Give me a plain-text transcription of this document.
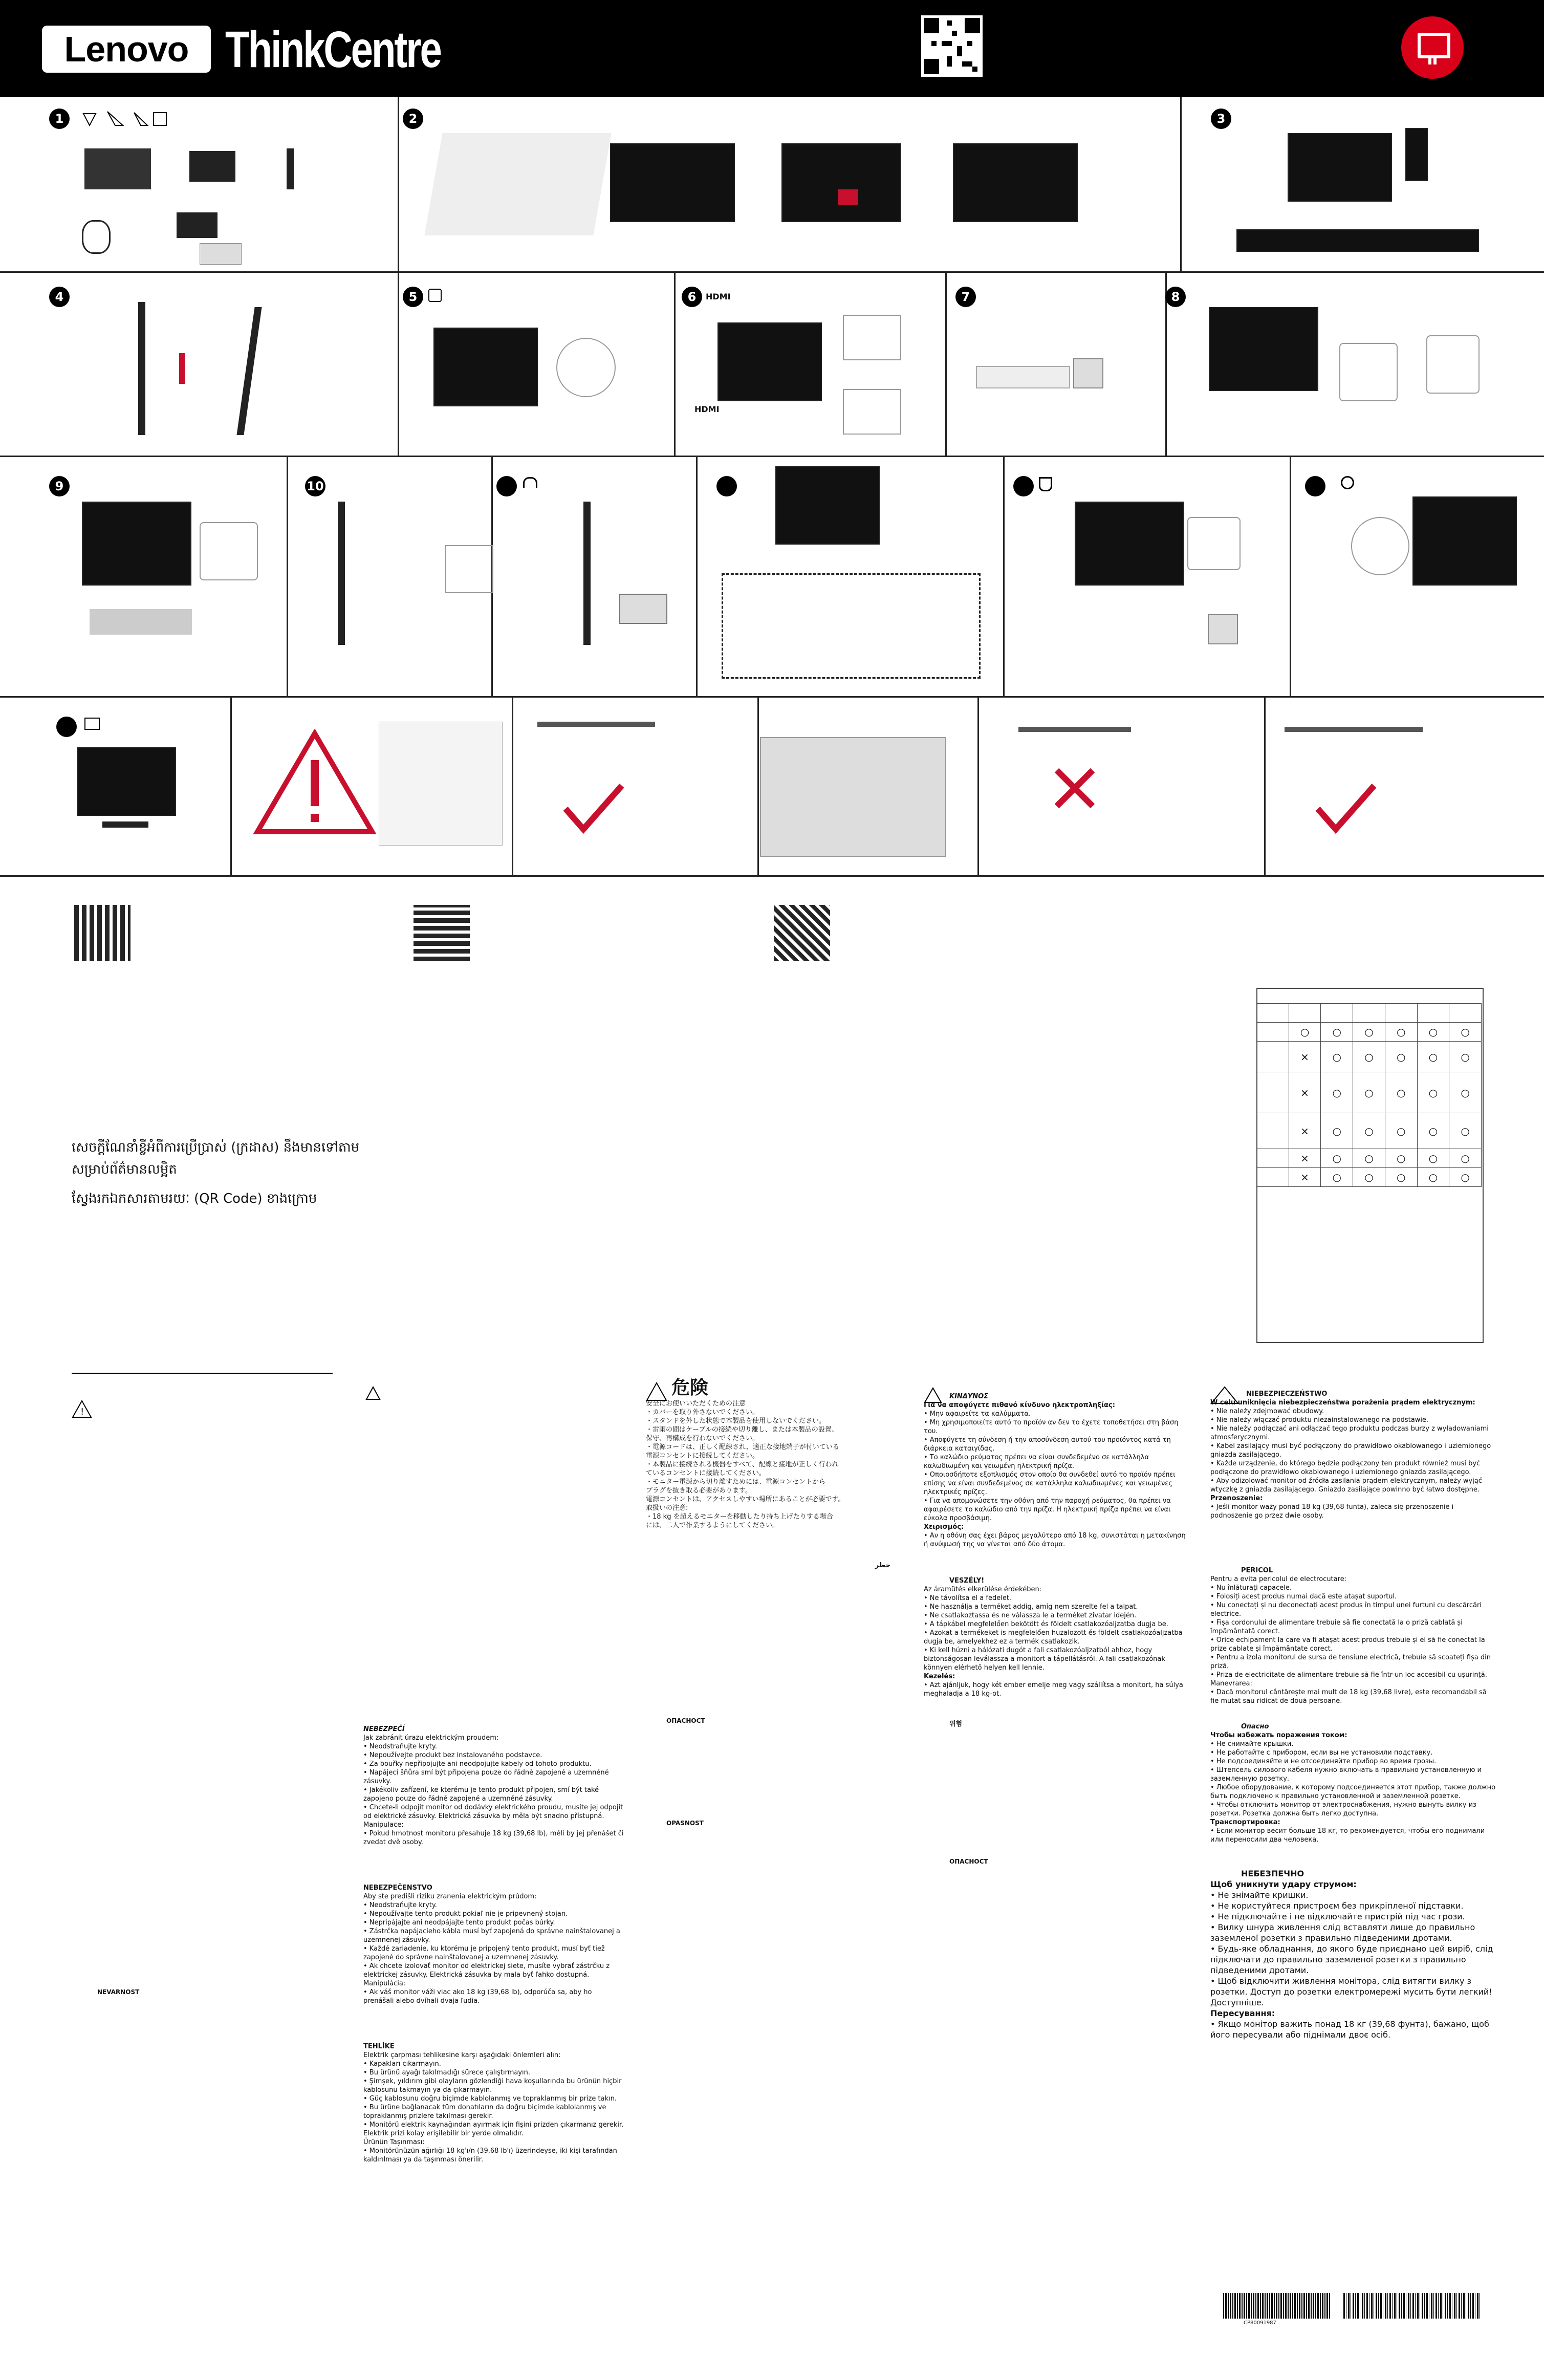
Lenovo ThinkCentre
1	2	3
4	5	6	HDMI
HDMI
7	8
9	10
សេចក្តីណែនាំខ្លីអំពីការប្រើប្រាស់ (ក្រដាស) នឹងមានទៅតាម
សម្រាប់ព័ត៌មានលម្អិត
ស្វែងរកឯកសារតាមរយៈ (QR Code) ខាងក្រោម

	○	○	○	○	○	○
	×	○	○	○	○	○
	×	○	○	○	○	○
	×	○	○	○	○	○
	×	○	○	○	○	○
	×	○	○	○	○	○
NEBEZPEČÍ
Jak zabránit úrazu elektrickým proudem:
• Neodstraňujte kryty.
• Nepoužívejte produkt bez instalovaného podstavce.
• Za bouřky nepřipojujte ani neodpojujte kabely od tohoto produktu.
• Napájecí šňůra smí být připojena pouze do řádně zapojené a uzemněné zásuvky.
• Jakékoliv zařízení, ke kterému je tento produkt připojen, smí být také zapojeno pouze do řádně zapojené a uzemněné zásuvky.
• Chcete-li odpojit monitor od dodávky elektrického proudu, musíte jej odpojit od elektrické zásuvky. Elektrická zásuvka by měla být snadno přístupná.
Manipulace:
• Pokud hmotnost monitoru přesahuje 18 kg (39,68 lb), měli by jej přenášet či zvedat dvě osoby.
NEBEZPEČENSTVO
Aby ste predišli riziku zranenia elektrickým prúdom:
• Neodstraňujte kryty.
• Nepoužívajte tento produkt pokiaľ nie je pripevnený stojan.
• Nepripájajte ani neodpájajte tento produkt počas búrky.
• Zástrčka napájacieho kábla musí byť zapojená do správne nainštalovanej a uzemnenej zásuvky.
• Každé zariadenie, ku ktorému je pripojený tento produkt, musí byť tiež zapojené do správne nainštalovanej a uzemnenej zásuvky.
• Ak chcete izolovať monitor od elektrickej siete, musíte vybrať zástrčku z elektrickej zásuvky. Elektrická zásuvka by mala byť ľahko dostupná.
Manipulácia:
• Ak váš monitor váži viac ako 18 kg (39,68 lb), odporúča sa, aby ho prenášali alebo dvíhali dvaja ľudia.
TEHLİKE
Elektrik çarpması tehlikesine karşı aşağıdaki önlemleri alın:
• Kapakları çıkarmayın.
• Bu ürünü ayağı takılmadığı sürece çalıştırmayın.
• Şimşek, yıldırım gibi olayların gözlendiği hava koşullarında bu ürünün hiçbir kablosunu takmayın ya da çıkarmayın.
• Güç kablosunu doğru biçimde kablolanmış ve topraklanmış bir prize takın.
• Bu ürüne bağlanacak tüm donatıların da doğru biçimde kablolanmış ve topraklanmış prizlere takılması gerekir.
• Monitörü elektrik kaynağından ayırmak için fişini prizden çıkarmanız gerekir. Elektrik prizi kolay erişilebilir bir yerde olmalıdır.
Ürünün Taşınması:
• Monitörünüzün ağırlığı 18 kg'ı/n (39,68 lb'ı) üzerindeyse, iki kişi tarafından kaldırılması ya da taşınması önerilir.
危険
安全にお使いいただくための注意
・カバーを取り外さないでください。
・スタンドを外した状態で本製品を使用しないでください。
・雷雨の間はケーブルの接続や切り離し、または本製品の設置、
保守、再構成を行わないでください。
・電源コードは、正しく配線され、適正な接地端子が付いている
電源コンセントに接続してください。
・本製品に接続される機器をすべて、配線と接地が正しく行われ
ているコンセントに接続してください。
・モニター電源から切り離すためには、電源コンセントから
プラグを抜き取る必要があります。
電源コンセントは、アクセスしやすい場所にあることが必要です。
取扱いの注意:
・18 kg を超えるモニターを移動したり持ち上げたりする場合
には、二人で作業するようにしてください。
خطر
ОПАСНОСТ
OPASNOST
ΚΙΝΔΥΝΟΣ
Για να αποφύγετε πιθανό κίνδυνο ηλεκτροπληξίας:
• Μην αφαιρείτε τα καλύμματα.
• Μη χρησιμοποιείτε αυτό το προϊόν αν δεν το έχετε τοποθετήσει στη βάση του.
• Αποφύγετε τη σύνδεση ή την αποσύνδεση αυτού του προϊόντος κατά τη διάρκεια καταιγίδας.
• Το καλώδιο ρεύματος πρέπει να είναι συνδεδεμένο σε κατάλληλα καλωδιωμένη και γειωμένη ηλεκτρική πρίζα.
• Οποιοσδήποτε εξοπλισμός στον οποίο θα συνδεθεί αυτό το προϊόν πρέπει επίσης να είναι συνδεδεμένος σε κατάλληλα καλωδιωμένες και γειωμένες ηλεκτρικές πρίζες.
• Για να απομονώσετε την οθόνη από την παροχή ρεύματος, θα πρέπει να αφαιρέσετε το καλώδιο από την πρίζα. Η ηλεκτρική πρίζα πρέπει να είναι εύκολα προσβάσιμη.
Χειρισμός:
• Αν η οθόνη σας έχει βάρος μεγαλύτερο από 18 kg, συνιστάται η μετακίνηση ή ανύψωσή της να γίνεται από δύο άτομα.
VESZÉLY!
Az áramütés elkerülése érdekében:
• Ne távolítsa el a fedelet.
• Ne használja a terméket addig, amíg nem szerelte fel a talpat.
• Ne csatlakoztassa és ne válassza le a terméket zivatar idején.
• A tápkábel megfelelően bekötött és földelt csatlakozóaljzatba dugja be.
• Azokat a termékeket is megfelelően huzalozott és földelt csatlakozóaljzatba dugja be, amelyekhez ez a termék csatlakozik.
• Ki kell húzni a hálózati dugót a fali csatlakozóaljzatból ahhoz, hogy biztonságosan leválassza a monitort a tápellátásról. A fali csatlakozónak könnyen elérhető helyen kell lennie.
Kezelés:
• Azt ajánljuk, hogy két ember emelje meg vagy szállítsa a monitort, ha súlya meghaladja a 18 kg-ot.
위험
ОПАСНОСТ
NIEBEZPIECZEŃSTWO
W celu uniknięcia niebezpieczeństwa porażenia prądem elektrycznym:
• Nie należy zdejmować obudowy.
• Nie należy włączać produktu niezainstalowanego na podstawie.
• Nie należy podłączać ani odłączać tego produktu podczas burzy z wyładowaniami atmosferycznymi.
• Kabel zasilający musi być podłączony do prawidłowo okablowanego i uziemionego gniazda zasilającego.
• Każde urządzenie, do którego będzie podłączony ten produkt również musi być podłączone do prawidłowo okablowanego i uziemionego gniazda zasilającego.
• Aby odizolować monitor od źródła zasilania prądem elektrycznym, należy wyjąć wtyczkę z gniazda zasilającego. Gniazdo zasilające powinno być łatwo dostępne.
Przenoszenie:
• Jeśli monitor waży ponad 18 kg (39,68 funta), zaleca się przenoszenie i podnoszenie go przez dwie osoby.
PERICOL
Pentru a evita pericolul de electrocutare:
• Nu înlăturați capacele.
• Folosiți acest produs numai dacă este atașat suportul.
• Nu conectați și nu deconectați acest produs în timpul unei furtuni cu descărcări electrice.
• Fișa cordonului de alimentare trebuie să fie conectată la o priză cablată și împământată corect.
• Orice echipament la care va fi atașat acest produs trebuie și el să fie conectat la prize cablate și împământate corect.
• Pentru a izola monitorul de sursa de tensiune electrică, trebuie să scoateți fișa din priză.
• Priza de electricitate de alimentare trebuie să fie într-un loc accesibil cu ușurință.
Manevrarea:
• Dacă monitorul cântărește mai mult de 18 kg (39,68 livre), este recomandabil să fie mutat sau ridicat de două persoane.
Опасно
Чтобы избежать поражения током:
• Не снимайте крышки.
• Не работайте с прибором, если вы не установили подставку.
• Не подсоединяйте и не отсоединяйте прибор во время грозы.
• Штепсель силового кабеля нужно включать в правильно установленную и заземленную розетку.
• Любое оборудование, к которому подсоединяется этот прибор, также должно быть подключено к правильно установленной и заземленной розетке.
• Чтобы отключить монитор от электроснабжения, нужно вынуть вилку из розетки. Розетка должна быть легко доступна.
Транспортировка:
• Если монитор весит больше 18 кг, то рекомендуется, чтобы его поднимали или переносили два человека.
НЕБЕЗПЕЧНО
Щоб уникнути удару струмом:
• Не знімайте кришки.
• Не користуйтеся пристроєм без прикріпленої підставки.
• Не підключайте і не відключайте пристрій під час грози.
• Вилку шнура живлення слід вставляти лише до правильно заземленої розетки з правильно підведеними дротами.
• Будь-яке обладнання, до якого буде приєднано цей виріб, слід підключати до правильно заземленої розетки з правильно підведеними дротами.
• Щоб відключити живлення монітора, слід витягти вилку з розетки. Доступ до розетки електромережі мусить бути легкий! Доступніше.
Пересування:
• Якщо монітор важить понад 18 кг (39,68 фунта), бажано, щоб його пересували або піднімали двоє осіб.
NEVARNOST
!
CP80091987
